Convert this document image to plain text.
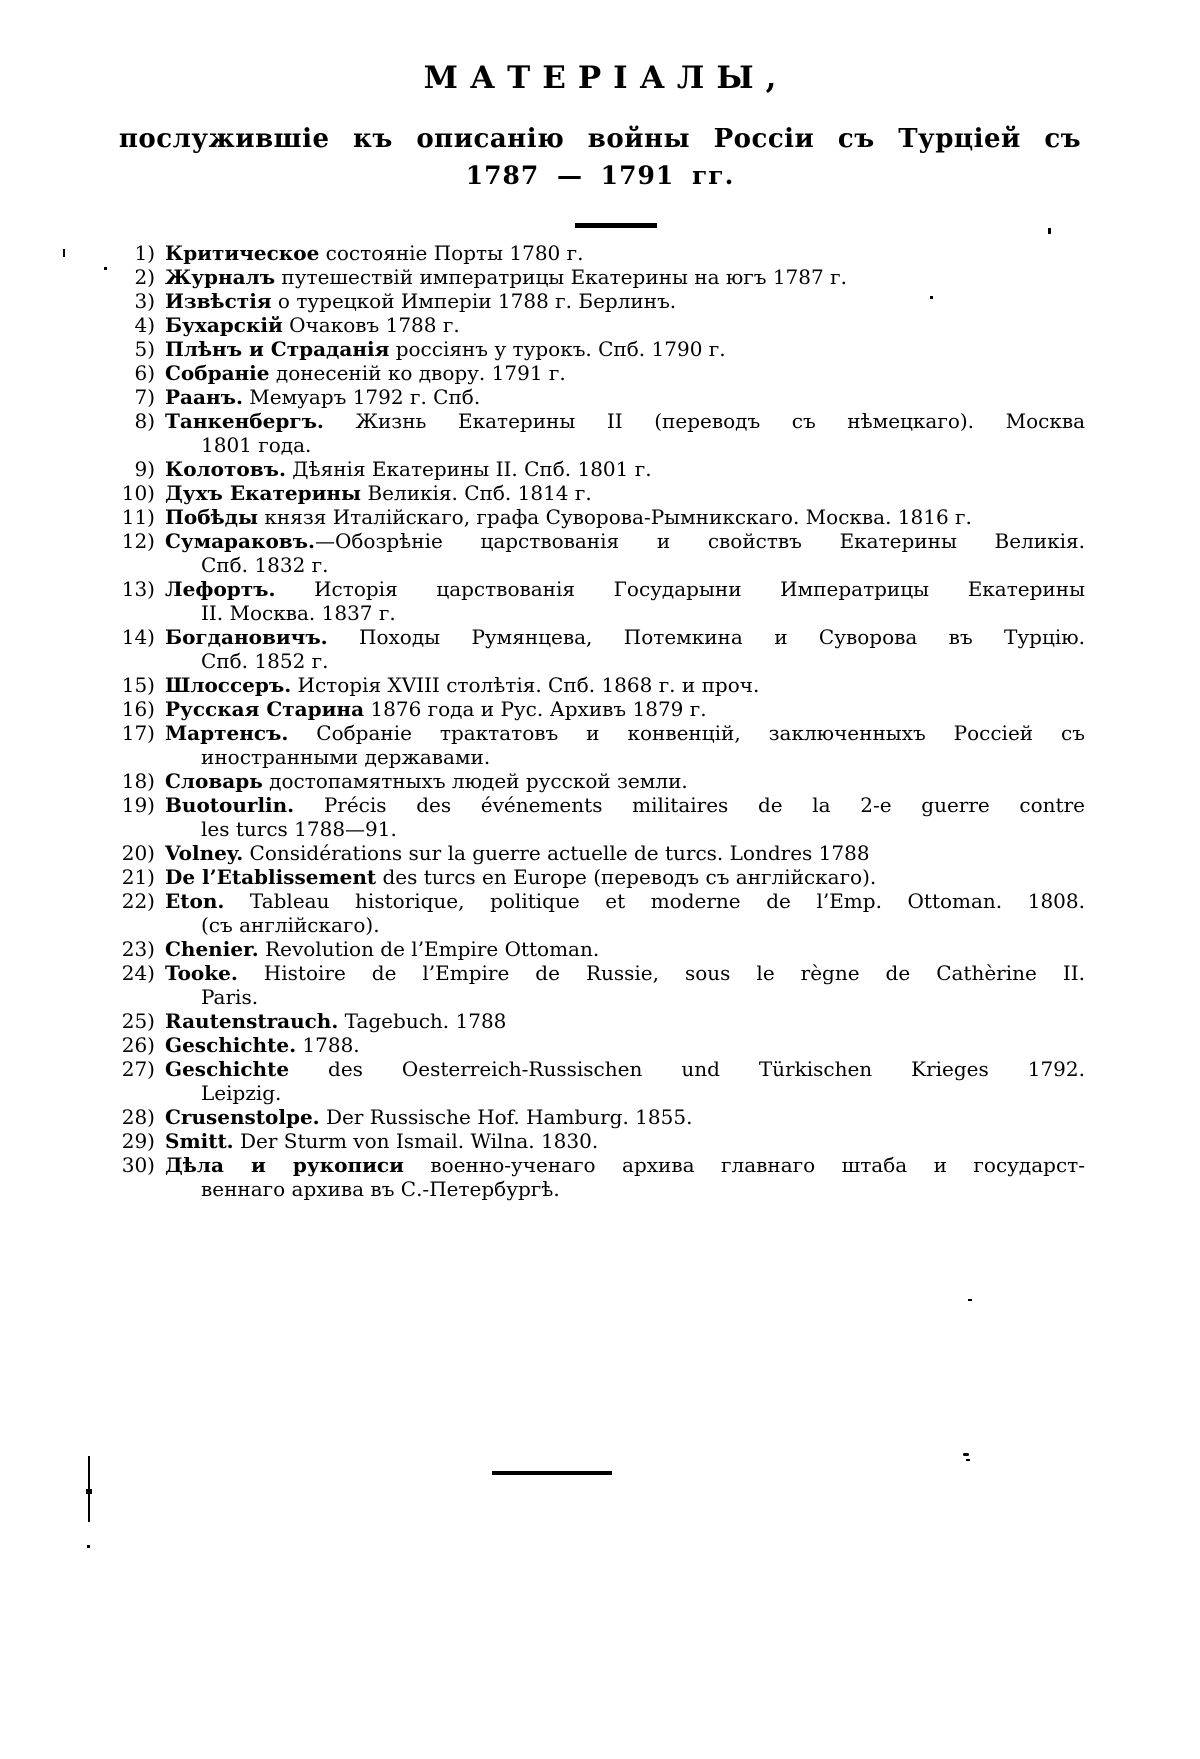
МАТЕРІАЛЫ,
послужившіе къ описанію войны Россіи съ Турціей съ
1787 — 1791 гг.
1) Критическое состояніе Порты 1780 г.
2) Журналъ путешествій императрицы Екатерины на югъ 1787 г.
3) Извѣстія о турецкой Имперіи 1788 г. Берлинъ.
4) Бухарскій Очаковъ 1788 г.
5) Плѣнъ и Страданія россіянъ у турокъ. Спб. 1790 г.
6) Собраніе донесеній ко двору. 1791 г.
7) Раанъ. Мемуаръ 1792 г. Спб.
8) Танкенбергъ. Жизнь Екатерины II (переводъ съ нѣмецкаго). Москва
1801 года.
9) Колотовъ. Дѣянія Екатерины II. Спб. 1801 г.
10) Духъ Екатерины Великія. Спб. 1814 г.
11) Побѣды князя Италійскаго, графа Суворова-Рымникскаго. Москва. 1816 г.
12) Сумараковъ.—Обозрѣніе царствованія и свойствъ Екатерины Великія.
Спб. 1832 г.
13) Лефортъ. Исторія царствованія Государыни Императрицы Екатерины
II. Москва. 1837 г.
14) Богдановичъ. Походы Румянцева, Потемкина и Суворова въ Турцію.
Спб. 1852 г.
15) Шлоссеръ. Исторія XVIII столѣтія. Спб. 1868 г. и проч.
16) Русская Старина 1876 года и Рус. Архивъ 1879 г.
17) Мартенсъ. Собраніе трактатовъ и конвенцій, заключенныхъ Россіей съ
иностранными державами.
18) Словарь достопамятныхъ людей русской земли.
19) Buotourlin. Précis des événements militaires de la 2-e guerre contre
les turcs 1788—91.
20) Volney. Considérations sur la guerre actuelle de turcs. Londres 1788
21) De l’Etablissement des turcs en Europe (переводъ съ англійскаго).
22) Eton. Tableau historique, politique et moderne de l’Emp. Ottoman. 1808.
(съ англійскаго).
23) Chenier. Revolution de l’Empire Ottoman.
24) Tooke. Histoire de l’Empire de Russie, sous le règne de Cathèrine II.
Paris.
25) Rautenstrauch. Tagebuch. 1788
26) Geschichte. 1788.
27) Geschichte des Oesterreich-Russischen und Türkischen Krieges 1792.
Leipzig.
28) Crusenstolpe. Der Russische Hof. Hamburg. 1855.
29) Smitt. Der Sturm von Ismail. Wilna. 1830.
30) Дѣла и рукописи военно-ученаго архива главнаго штаба и государст-
веннаго архива въ С.-Петербургѣ.
